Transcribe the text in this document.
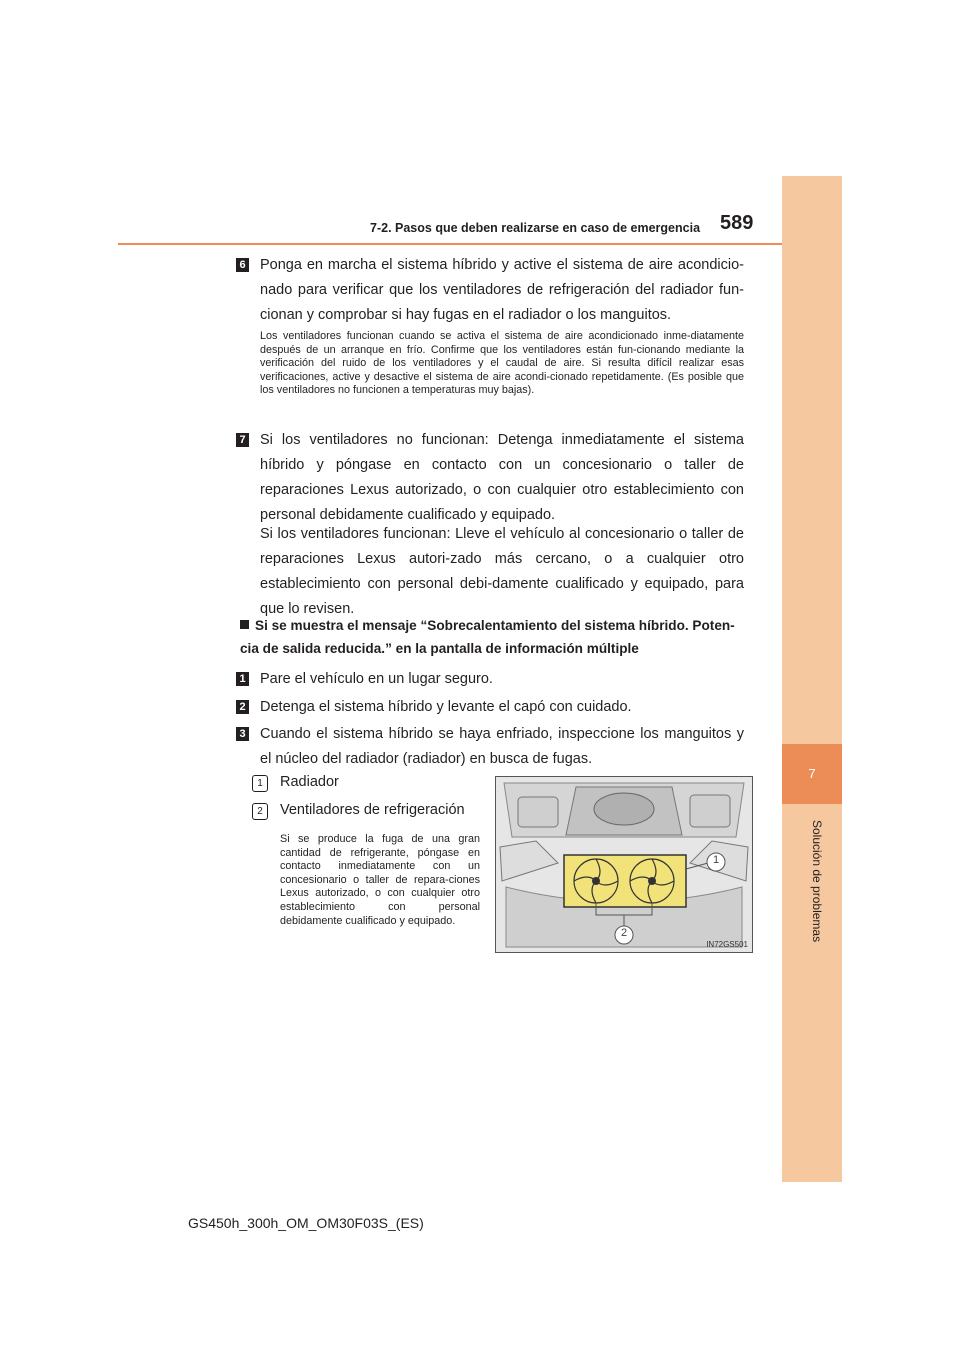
7-2. Pasos que deben realizarse en caso de emergencia 589
7
Solución de problemas
6 Ponga en marcha el sistema híbrido y active el sistema de aire acondicio-nado para verificar que los ventiladores de refrigeración del radiador fun-cionan y comprobar si hay fugas en el radiador o los manguitos.
Los ventiladores funcionan cuando se activa el sistema de aire acondicionado inme-diatamente después de un arranque en frío. Confirme que los ventiladores están fun-cionando mediante la verificación del ruido de los ventiladores y el caudal de aire. Si resulta difícil realizar esas verificaciones, active y desactive el sistema de aire acondi-cionado repetidamente. (Es posible que los ventiladores no funcionen a temperaturas muy bajas).
7 Si los ventiladores no funcionan: Detenga inmediatamente el sistema híbrido y póngase en contacto con un concesionario o taller de reparaciones Lexus autorizado, o con cualquier otro establecimiento con personal debidamente cualificado y equipado.
Si los ventiladores funcionan: Lleve el vehículo al concesionario o taller de reparaciones Lexus autori-zado más cercano, o a cualquier otro establecimiento con personal debi-damente cualificado y equipado, para que lo revisen.
Si se muestra el mensaje “Sobrecalentamiento del sistema híbrido. Poten-cia de salida reducida.” en la pantalla de información múltiple
1 Pare el vehículo en un lugar seguro.
2 Detenga el sistema híbrido y levante el capó con cuidado.
3 Cuando el sistema híbrido se haya enfriado, inspeccione los manguitos y el núcleo del radiador (radiador) en busca de fugas.
1	Radiador
2	Ventiladores de refrigeración
Si se produce la fuga de una gran cantidad de refrigerante, póngase en contacto inmediatamente con un concesionario o taller de repara-ciones Lexus autorizado, o con cualquier otro establecimiento con personal debidamente cualificado y equipado.
1
2
IN72GS501
GS450h_300h_OM_OM30F03S_(ES)
